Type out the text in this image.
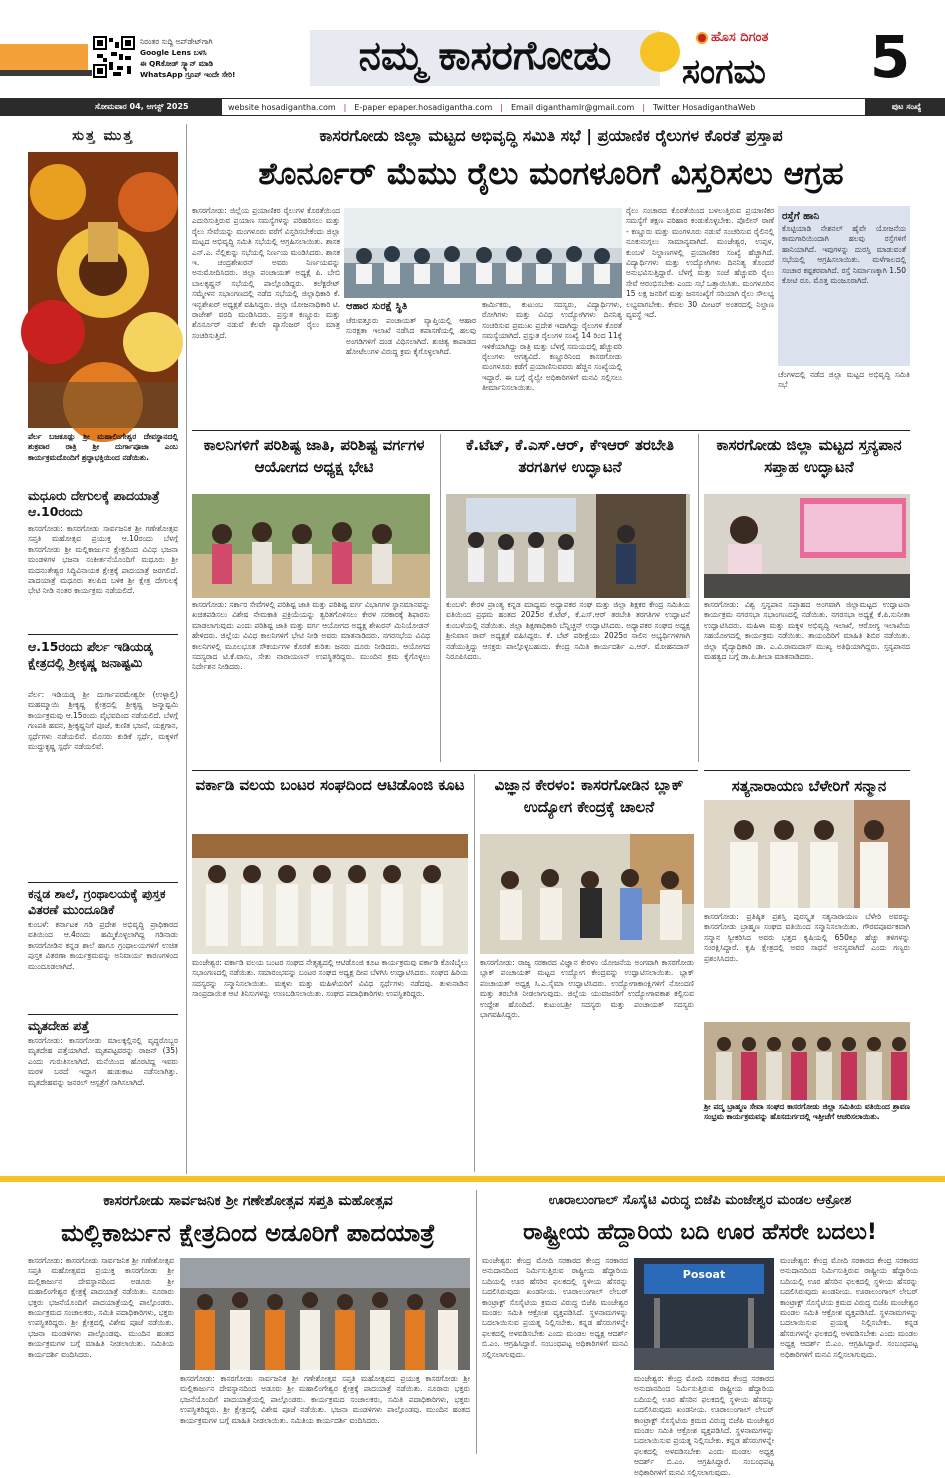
ನಿರಂತರ ಸುದ್ದಿ ಅಪ್‌ಡೇಟ್‌ಗಾಗಿ
Google Lens ಬಳಸಿ
ಈ QRಕೋಡ್ ಸ್ಕ್ಯಾನ್ ಮಾಡಿ
WhatsApp ಗ್ರೂಪ್ ಇಂದೇ ಸೇರಿ!	ನಮ್ಮ ಕಾಸರಗೋಡು	ಹೊಸ ದಿಗಂತ
ಸಂಗಮ	5
ಸೋಮವಾರ 04, ಆಗಸ್ಟ್ 2025	website hosadigantha.com | E-paper epaper.hosadigantha.com | Email diganthamlr@gmail.com | Twitter HosadiganthaWeb	ಪುಟ ಸಂಖ್ಯೆ
ಸುತ್ತ ಮುತ್ತ
ಪೆರ್ಲ ಬಜಕೂಡ್ಲು ಶ್ರೀ ಮಹಾಲಿಂಗೇಶ್ವರ ದೇವಸ್ಥಾನದಲ್ಲಿ ಶುಕ್ರವಾರ ರಾತ್ರಿ ಶ್ರೀ ದುರ್ಗಾಪೂಜಾ ಎಂಬ ಕಾರ್ಯಕ್ರಮದೊಂದಿಗೆ ಶ್ರದ್ಧಾಭಕ್ತಿಯಿಂದ ನಡೆಯಿತು.
ಮಧೂರು ದೇಗುಲಕ್ಕೆ ಪಾದಯಾತ್ರೆ ಆ.10ರಂದು
ಕಾಸರಗೋಡು: ಕಾಸರಗೋಡು ಸಾರ್ವಜನಿಕ ಶ್ರೀ ಗಣೇಶೋತ್ಸವ ಸಪ್ತತಿ ಮಹೋತ್ಸವ ಪ್ರಯುಕ್ತ ಆ.10ರಂದು ಬೆಳಗ್ಗೆ ಕಾಸರಗೋಡು ಶ್ರೀ ಮಲ್ಲಿಕಾರ್ಜುನ ಕ್ಷೇತ್ರದಿಂದ ವಿವಿಧ ಭಜನಾ ಮಂಡಳಿಗಳ ಭಜನಾ ಸಂಕೀರ್ತನೆಯೊಂದಿಗೆ ಮಧೂರು ಶ್ರೀ ಮದನಂತೇಶ್ವರ ಸಿದ್ಧಿವಿನಾಯಕ ಕ್ಷೇತ್ರಕ್ಕೆ ಪಾದಯಾತ್ರೆ ಜರಗಲಿದೆ. ಪಾದಯಾತ್ರೆ ಮಧೂರು ತಲಪಿದ ಬಳಿಕ ಶ್ರೀ ಕ್ಷೇತ್ರ ದೇಗುಲಕ್ಕೆ ಭೇಟಿ ನೀಡಿ ನಂತರ ಕಾರ್ಯಕ್ರಮ ನಡೆಯಲಿದೆ.
ಆ.15ರಂದು ಪೆರ್ಲ ಇಡಿಯಡ್ಕ ಕ್ಷೇತ್ರದಲ್ಲಿ ಶ್ರೀಕೃಷ್ಣ ಜನಾಷ್ಟಮಿ
ಪೆರ್ಲ: ಇಡಿಯಡ್ಕ ಶ್ರೀ ದುರ್ಗಾಪರಮೇಶ್ವರೀ (ಉಳ್ಳಾಲ್ತಿ) ಮಹಮ್ಮಾಯಿ ಶ್ರೀಕೃಷ್ಣ ಕ್ಷೇತ್ರದಲ್ಲಿ ಶ್ರೀಕೃಷ್ಣ ಜನ್ಮಾಷ್ಟಮಿ ಕಾರ್ಯಕ್ರಮವು ಆ.15ರಂದು ವೈಭವದಿಂದ ನಡೆಯಲಿದೆ. ಬೆಳಗ್ಗೆ ಗಣಪತಿ ಹವನ, ಶ್ರೀಕೃಷ್ಣನಿಗೆ ಪೂಜೆ, ಕುಣಿತ ಭಜನೆ, ಯಕ್ಷಗಾನ, ಸ್ಪರ್ಧೆಗಳು ನಡೆಯಲಿವೆ. ಮೊಸರು ಕುಡಿಕೆ ಸ್ಪರ್ಧೆ, ಮಕ್ಕಳಿಗೆ ಮುದ್ದುಕೃಷ್ಣ ಸ್ಪರ್ಧೆ ನಡೆಯಲಿವೆ.
ಕನ್ನಡ ಶಾಲೆ, ಗ್ರಂಥಾಲಯಕ್ಕೆ ಪುಸ್ತಕ ವಿತರಣೆ ಮುಂದೂಡಿಕೆ
ಕುಂಬಳೆ: ಕರ್ನಾಟಕ ಗಡಿ ಪ್ರದೇಶ ಅಭಿವೃದ್ಧಿ ಪ್ರಾಧಿಕಾರದ ವತಿಯಿಂದ ಆ.4ರಂದು ಹಮ್ಮಿಕೊಳ್ಳಲಾಗಿದ್ದ ಗಡಿನಾಡು ಕಾಸರಗೋಡಿನ ಕನ್ನಡ ಶಾಲೆ ಹಾಗೂ ಗ್ರಂಥಾಲಯಗಳಿಗೆ ಉಚಿತ ಪುಸ್ತಕ ವಿತರಣಾ ಕಾರ್ಯಕ್ರಮವನ್ನು ಅನಿವಾರ್ಯ ಕಾರಣಗಳಿಂದ ಮುಂದೂಡಲಾಗಿದೆ.
ಮೃತದೇಹ ಪತ್ತೆ
ಕಾಸರಗೋಡು: ಕಾಸರಗೋಡು ಮಾಲಕ್ಕಲ್ಲಿನಲ್ಲಿ ವೃದ್ಧರೊಬ್ಬರ ಮೃತದೇಹ ಪತ್ತೆಯಾಗಿದೆ. ಮೃತಪಟ್ಟವರನ್ನು ರಾಜನ್ (35) ಎಂದು ಗುರುತಿಸಲಾಗಿದೆ. ಮನೆಯಿಂದ ಹೊರಟಿದ್ದ ಇವರು ಮರಳಿ ಬರದೆ ಇದ್ದಾಗ ಹುಡುಕಾಟ ನಡೆಸಲಾಗಿತ್ತು. ಮೃತದೇಹವನ್ನು ಜನರಲ್ ಆಸ್ಪತ್ರೆಗೆ ಸಾಗಿಸಲಾಗಿದೆ.
ಕಾಸರಗೋಡು ಜಿಲ್ಲಾ ಮಟ್ಟದ ಅಭಿವೃದ್ಧಿ ಸಮಿತಿ ಸಭೆ | ಪ್ರಯಾಣಿಕ ರೈಲುಗಳ ಕೊರತೆ ಪ್ರಸ್ತಾಪ
ಶೊರ್ನೂರ್ ಮೆಮು ರೈಲು ಮಂಗಳೂರಿಗೆ ವಿಸ್ತರಿಸಲು ಆಗ್ರಹ
ಕಾಸರಗೋಡು: ಜಿಲ್ಲೆಯ ಪ್ರಯಾಣಿಕರ ರೈಲುಗಳ ಕೊರತೆಯಿಂದ ಎದುರಿಸುತ್ತಿರುವ ಪ್ರಯಾಣ ಸಮಸ್ಯೆಗಳನ್ನು ಪರಿಹರಿಸಲು ಮತ್ತು ರೈಲು ಸೇವೆಯನ್ನು ಮಂಗಳೂರು ವರೆಗೆ ವಿಸ್ತರಿಸಬೇಕೆಂದು ಜಿಲ್ಲಾ ಮಟ್ಟದ ಅಭಿವೃದ್ಧಿ ಸಮಿತಿ ಸಭೆಯಲ್ಲಿ ಆಗ್ರಹಿಸಲಾಯಿತು. ಶಾಸಕ ಎನ್.ಎ. ನೆಲ್ಲಿಕುನ್ನು ಸಭೆಯಲ್ಲಿ ನಿರ್ಣಯ ಮಂಡಿಸಿದರು. ಶಾಸಕ ಇ. ಚಂದ್ರಶೇಖರನ್ ಅವರು ನಿರ್ಣಯವನ್ನು ಅನುಮೋದಿಸಿದರು. ಜಿಲ್ಲಾ ಪಂಚಾಯತ್ ಅಧ್ಯಕ್ಷೆ ಪಿ. ಬೇಬಿ ಬಾಲಕೃಷ್ಣನ್ ಸಭೆಯಲ್ಲಿ ಪಾಲ್ಗೊಂಡಿದ್ದರು. ಕಲೆಕ್ಟರೇಟ್ ಸಮ್ಮೇಳನ ಸಭಾಂಗಣದಲ್ಲಿ ನಡೆದ ಸಭೆಯಲ್ಲಿ ಜಿಲ್ಲಾಧಿಕಾರಿ ಕೆ. ಇನ್ಬಶೇಖರ್ ಅಧ್ಯಕ್ಷತೆ ವಹಿಸಿದ್ದರು. ಜಿಲ್ಲಾ ಯೋಜನಾಧಿಕಾರಿ ಟಿ. ರಾಜೇಶ್ ವರದಿ ಮಂಡಿಸಿದರು. ಪ್ರಸ್ತುತ ಕಣ್ಣೂರು ಮತ್ತು ಶೊರ್ನೂರ್ ನಡುವೆ ಕೆಲವೇ ಪ್ಯಾಸೆಂಜರ್ ರೈಲು ಮಾತ್ರ ಸಂಚರಿಸುತ್ತಿದೆ.
ಆಹಾರ ಸುರಕ್ಷೆ ಸ್ಥಿತಿ
ಚೆರುವತ್ತೂರು ಪಂಚಾಯತ್ ವ್ಯಾಪ್ತಿಯಲ್ಲಿ ಆಹಾರ ಸುರಕ್ಷತಾ ಇಲಾಖೆ ನಡೆಸಿದ ತಪಾಸಣೆಯಲ್ಲಿ ಹಲವು ಅಂಗಡಿಗಳಿಗೆ ದಂಡ ವಿಧಿಸಲಾಗಿದೆ. ಶುಚಿತ್ವ ಕಾಪಾಡದ ಹೋಟೆಲುಗಳ ವಿರುದ್ಧ ಕ್ರಮ ಕೈಗೊಳ್ಳಲಾಗಿದೆ.
ಕಾರ್ಮಿಕರು, ಕುಟುಂಬ ಸದಸ್ಯರು, ವಿದ್ಯಾರ್ಥಿಗಳು, ರೋಗಿಗಳು ಮತ್ತು ವಿವಿಧ ಉದ್ಯೋಗಿಗಳು ದಿನನಿತ್ಯ ಸಂಚರಿಸುವ ಪ್ರಮುಖ ಪ್ರದೇಶ ಇದಾಗಿದ್ದು ರೈಲುಗಳ ಕೊರತೆ ಸಮಸ್ಯೆಯಾಗಿದೆ. ಪ್ರಸ್ತುತ ರೈಲುಗಳ ಸಂಖ್ಯೆ 14 ರಿಂದ 11ಕ್ಕೆ ಇಳಿಕೆಯಾಗಿದ್ದು ರಾತ್ರಿ ಮತ್ತು ಬೆಳಗ್ಗೆ ಸಮಯದಲ್ಲಿ ಹೆಚ್ಚುವರಿ ರೈಲುಗಳು ಅಗತ್ಯವಿದೆ. ಕಣ್ಣೂರಿನಿಂದ ಕಾಸರಗೋಡು ಮಂಗಳೂರು ಕಡೆಗೆ ಪ್ರಯಾಣಿಸುವವರು ಹೆಚ್ಚಿನ ಸಂಖ್ಯೆಯಲ್ಲಿ ಇದ್ದಾರೆ. ಈ ಬಗ್ಗೆ ರೈಲ್ವೇ ಅಧಿಕಾರಿಗಳಿಗೆ ಮನವಿ ಸಲ್ಲಿಸಲು ತೀರ್ಮಾನಿಸಲಾಯಿತು.
ರೈಲು ಸಂಚಾರದ ಕೊರತೆಯಿಂದ ಬಳಲುತ್ತಿರುವ ಪ್ರಯಾಣಿಕರ ಸಮಸ್ಯೆಗೆ ತಕ್ಷಣ ಪರಿಹಾರ ಕಂಡುಕೊಳ್ಳಬೇಕು. ಪೊಲೀಸ್ ಠಾಣೆ - ಕಣ್ಣೂರು ಮತ್ತು ಮಂಗಳೂರು ನಡುವೆ ಸಂಚರಿಸುವ ರೈಲಿನಲ್ಲಿ ನೂಕುನುಗ್ಗಲು ಸಾಮಾನ್ಯವಾಗಿದೆ. ಮಂಜೇಶ್ವರ, ಉಪ್ಪಳ, ಕುಂಬಳೆ ನಿಲ್ದಾಣಗಳಲ್ಲಿ ಪ್ರಯಾಣಿಕರ ಸಂಖ್ಯೆ ಹೆಚ್ಚಾಗಿದೆ. ವಿದ್ಯಾರ್ಥಿಗಳು ಮತ್ತು ಉದ್ಯೋಗಿಗಳು ದಿನನಿತ್ಯ ತೊಂದರೆ ಅನುಭವಿಸುತ್ತಿದ್ದಾರೆ. ಬೆಳಗ್ಗೆ ಮತ್ತು ಸಂಜೆ ಹೆಚ್ಚುವರಿ ರೈಲು ಸೇವೆ ಆರಂಭಿಸಬೇಕು ಎಂದು ಸಭೆ ಒತ್ತಾಯಿಸಿತು. ಮಂಗಳೂರಿನ 15 ಲಕ್ಷ ಜನರಿಗೆ ಮತ್ತು ಜನಸಂಖ್ಯೆಗೆ ಸರಿಯಾಗಿ ರೈಲು ಸೌಲಭ್ಯ ಲಭ್ಯವಾಗಬೇಕು. ಕೇವಲ 30 ಮೀಟರ್ ಅಂತರದಲ್ಲಿ ನಿಲ್ದಾಣ ವ್ಯವಸ್ಥೆ ಇದೆ.
ರಸ್ತೆಗೆ ಹಾನಿ
ಕೊಟ್ಟಿಯಾಡಿ ನೇಶನಲ್ ಹೈವೇ ಯೋಜನೆಯ ಕಾಮಗಾರಿಯಿಂದಾಗಿ ಹಲವು ರಸ್ತೆಗಳಿಗೆ ಹಾನಿಯಾಗಿದೆ. ಇವುಗಳನ್ನು ದುರಸ್ತಿ ಮಾಡುವಂತೆ ಸಭೆಯಲ್ಲಿ ಆಗ್ರಹಿಸಲಾಯಿತು. ಮಳೆಗಾಲದಲ್ಲಿ ಸಂಚಾರ ಕಷ್ಟಕರವಾಗಿದೆ. ರಸ್ತೆ ನಿರ್ಮಾಣಕ್ಕಾಗಿ 1.50 ಕೋಟಿ ರೂ. ಮೊತ್ತ ಮಂಜೂರಾಗಿದೆ.
ಚೆಂಗಳದಲ್ಲಿ ನಡೆದ ಜಿಲ್ಲಾ ಮಟ್ಟದ ಅಭಿವೃದ್ಧಿ ಸಮಿತಿ ಸಭೆ
ಕಾಲನಿಗಳಿಗೆ ಪರಿಶಿಷ್ಟ ಜಾತಿ, ಪರಿಶಿಷ್ಟ ವರ್ಗಗಳ ಆಯೋಗದ ಅಧ್ಯಕ್ಷ ಭೇಟಿ
ಕಾಸರಗೋಡು: ಸರ್ಕಾರ ಸೇವೆಗಳಲ್ಲಿ ಪರಿಶಿಷ್ಟ ಜಾತಿ ಮತ್ತು ಪರಿಶಿಷ್ಟ ವರ್ಗ ವಿಭಾಗಗಳ ಸ್ಥಾನಮಾನವನ್ನು ಖಚಿತಪಡಿಸಲು ವಿಶೇಷ ನೇಮಕಾತಿ ಪ್ರಕ್ರಿಯೆಯನ್ನು ತ್ವರಿತಗೊಳಿಸಲು ಕೇರಳ ಸರಕಾರಕ್ಕೆ ಶಿಫಾರಸು ಮಾಡಲಾಗುವುದು ಎಂದು ಪರಿಶಿಷ್ಟ ಜಾತಿ ಮತ್ತು ವರ್ಗ ಆಯೋಗದ ಅಧ್ಯಕ್ಷ ಶೇಖರನ್ ಮಿನಿಯೋಡನ್ ಹೇಳಿದರು. ಜಿಲ್ಲೆಯ ವಿವಿಧ ಕಾಲನಿಗಳಿಗೆ ಭೇಟಿ ನೀಡಿ ಅವರು ಮಾತನಾಡಿದರು. ನಗರಸಭೆಯ ವಿವಿಧ ಕಾಲನಿಗಳಲ್ಲಿ ಮೂಲಭೂತ ಸೌಕರ್ಯಗಳ ಕೊರತೆ ಕುರಿತು ಜನರು ದೂರು ನೀಡಿದರು. ಆಯೋಗದ ಸದಸ್ಯರಾದ ಟಿ.ಕೆ.ವಾಸು, ಸೇತು ನಾರಾಯಣನ್ ಉಪಸ್ಥಿತರಿದ್ದರು. ಮುಂದಿನ ಕ್ರಮ ಕೈಗೊಳ್ಳಲು ನಿರ್ದೇಶನ ನೀಡಿದರು.
ಕೆ.ಟೆಟ್, ಕೆ.ಎಸ್.ಆರ್, ಕೆಇಆರ್ ತರಬೇತಿ ತರಗತಿಗಳ ಉದ್ಘಾಟನೆ
ಕುಂಬಳೆ: ಕೇರಳ ಪ್ರಾಂತ್ಯ ಕನ್ನಡ ಮಾಧ್ಯಮ ಅಧ್ಯಾಪಕರ ಸಂಘ ಮತ್ತು ಜಿಲ್ಲಾ ಶಿಕ್ಷಕರ ಕೇಂದ್ರ ಸಮಿತಿಯ ವತಿಯಿಂದ ಪ್ರಥಮ ಹಂತದ 2025ರ ಕೆ.ಟೆಟ್, ಕೆ.ಎಸ್.ಆರ್ ತರಬೇತಿ ತರಗತಿಗಳ ಉದ್ಘಾಟನೆ ಕುಂಬಳೆಯಲ್ಲಿ ನಡೆಯಿತು. ಜಿಲ್ಲಾ ಶಿಕ್ಷಣಾಧಿಕಾರಿ ಬೆನ್ನಿಚ್ಚನ್ ಉದ್ಘಾಟಿಸಿದರು. ಅಧ್ಯಾಪಕರ ಸಂಘದ ಅಧ್ಯಕ್ಷ ಶ್ರೀನಿವಾಸ ರಾವ್ ಅಧ್ಯಕ್ಷತೆ ವಹಿಸಿದ್ದರು. ಕೆ. ಬೆಟ್ ಪರೀಕ್ಷೆಯು 2025ರ ಸಾಲಿನ ಅಭ್ಯರ್ಥಿಗಳಿಗಾಗಿ ನಡೆಯುತ್ತಿದ್ದು ಆಸಕ್ತರು ಪಾಲ್ಗೊಳ್ಳಬಹುದು. ಕೇಂದ್ರ ಸಮಿತಿ ಕಾರ್ಯದರ್ಶಿ ಎ.ಆರ್. ಮೋಹನದಾಸ್ ನಿರೂಪಿಸಿದರು.
ಕಾಸರಗೋಡು ಜಿಲ್ಲಾ ಮಟ್ಟದ ಸ್ತನ್ಯಪಾನ ಸಪ್ತಾಹ ಉದ್ಘಾಟನೆ
ಕಾಸರಗೋಡು: ವಿಶ್ವ ಸ್ತನ್ಯಪಾನ ಸಪ್ತಾಹದ ಅಂಗವಾಗಿ ಜಿಲ್ಲಾಮಟ್ಟದ ಉದ್ಘಾಟನಾ ಕಾರ್ಯಕ್ರಮ ನಗರಸಭಾ ಸಭಾಂಗಣದಲ್ಲಿ ನಡೆಯಿತು. ನಗರಸಭಾ ಅಧ್ಯಕ್ಷೆ ಕೆ.ಪಿ.ಸುನೀತಾ ಉದ್ಘಾಟಿಸಿದರು. ಮಹಿಳಾ ಮತ್ತು ಮಕ್ಕಳ ಅಭಿವೃದ್ಧಿ ಇಲಾಖೆ, ಆರೋಗ್ಯ ಇಲಾಖೆಯ ಸಹಯೋಗದಲ್ಲಿ ಕಾರ್ಯಕ್ರಮ ನಡೆಯಿತು. ತಾಯಂದಿರಿಗೆ ಮಾಹಿತಿ ಶಿಬಿರ ನಡೆಯಿತು. ಜಿಲ್ಲಾ ವೈದ್ಯಾಧಿಕಾರಿ ಡಾ. ಎ.ವಿ.ರಾಮದಾಸ್ ಮುಖ್ಯ ಅತಿಥಿಯಾಗಿದ್ದರು. ಸ್ತನ್ಯಪಾನದ ಮಹತ್ವದ ಬಗ್ಗೆ ಡಾ.ಪಿ.ಶೀಬಾ ಮಾತನಾಡಿದರು.
ವರ್ಕಾಡಿ ವಲಯ ಬಂಟರ ಸಂಘದಿಂದ ಆಟಿಡೊಂಜಿ ಕೂಟ
ಮಂಜೇಶ್ವರ: ವರ್ಕಾಡಿ ವಲಯ ಬಂಟರ ಸಂಘದ ನೇತೃತ್ವದಲ್ಲಿ ಆಟಿಡೊಂಜಿ ಕೂಟ ಕಾರ್ಯಕ್ರಮವು ವರ್ಕಾಡಿ ಕೊಣಿಬೈಲು ಸಭಾಂಗಣದಲ್ಲಿ ನಡೆಯಿತು. ಸಮಾರಂಭವನ್ನು ಬಂಟರ ಸಂಘದ ಅಧ್ಯಕ್ಷ ದೀಪ ಬೆಳಗಿಸಿ ಉದ್ಘಾಟಿಸಿದರು. ಸಂಘದ ಹಿರಿಯ ಸದಸ್ಯರನ್ನು ಸನ್ಮಾನಿಸಲಾಯಿತು. ಮಕ್ಕಳು ಮತ್ತು ಮಹಿಳೆಯರಿಗೆ ವಿವಿಧ ಸ್ಪರ್ಧೆಗಳು ನಡೆದವು. ತುಳುನಾಡಿನ ಸಾಂಪ್ರದಾಯಿಕ ಆಟಿ ತಿನಿಸುಗಳನ್ನು ಉಣಬಡಿಸಲಾಯಿತು. ಸಂಘದ ಪದಾಧಿಕಾರಿಗಳು ಉಪಸ್ಥಿತರಿದ್ದರು.
ವಿಜ್ಞಾನ ಕೇರಳಂ: ಕಾಸರಗೋಡಿನ ಬ್ಲಾಕ್ ಉದ್ಯೋಗ ಕೇಂದ್ರಕ್ಕೆ ಚಾಲನೆ
ಕಾಸರಗೋಡು: ರಾಜ್ಯ ಸರಕಾರದ ವಿಜ್ಞಾನ ಕೇರಳಂ ಯೋಜನೆಯ ಅಂಗವಾಗಿ ಕಾಸರಗೋಡು ಬ್ಲಾಕ್ ಪಂಚಾಯತ್ ಮಟ್ಟದ ಉದ್ಯೋಗ ಕೇಂದ್ರವನ್ನು ಉದ್ಘಾಟಿಸಲಾಯಿತು. ಬ್ಲಾಕ್ ಪಂಚಾಯತ್ ಅಧ್ಯಕ್ಷ ಸಿ.ಎ.ಸೈಮಾ ಉದ್ಘಾಟಿಸಿದರು. ಉದ್ಯೋಗಾಕಾಂಕ್ಷಿಗಳಿಗೆ ನೋಂದಣಿ ಮತ್ತು ತರಬೇತಿ ನೀಡಲಾಗುವುದು. ಜಿಲ್ಲೆಯ ಯುವಜನರಿಗೆ ಉದ್ಯೋಗಾವಕಾಶ ಕಲ್ಪಿಸುವ ಉದ್ದೇಶ ಹೊಂದಿದೆ. ಕುಟುಂಬಶ್ರೀ ಸದಸ್ಯರು ಮತ್ತು ಪಂಚಾಯತ್ ಸದಸ್ಯರು ಭಾಗವಹಿಸಿದ್ದರು.
ಸತ್ಯನಾರಾಯಣ ಬೆಳೇರಿಗೆ ಸನ್ಮಾನ
ಕಾಸರಗೋಡು: ಪ್ರತಿಷ್ಠಿತ ಪ್ರಶಸ್ತಿ ಪುರಸ್ಕೃತ ಸತ್ಯನಾರಾಯಣ ಬೆಳೇರಿ ಅವರನ್ನು ಕಾಸರಗೋಡು ಬ್ರಾಹ್ಮಣ ಸಂಘದ ವತಿಯಿಂದ ಸನ್ಮಾನಿಸಲಾಯಿತು. ಗೌರವಪೂರ್ವಕವಾಗಿ ಸನ್ಮಾನ ಸ್ವೀಕರಿಸಿದ ಅವರು ಭತ್ತದ ಕೃಷಿಯಲ್ಲಿ 650ಕ್ಕೂ ಹೆಚ್ಚು ತಳಿಗಳನ್ನು ಸಂರಕ್ಷಿಸಿದ್ದಾರೆ. ಕೃಷಿ ಕ್ಷೇತ್ರದಲ್ಲಿ ಅವರ ಸಾಧನೆ ಅನನ್ಯವಾಗಿದೆ ಎಂದು ಗಣ್ಯರು ಪ್ರಶಂಸಿಸಿದರು.
ಶ್ರೀ ಪದ್ಮ ಬ್ರಾಹ್ಮಣ ಸೇವಾ ಸಂಘದ ಕಾಸರಗೋಡು ಜಿಲ್ಲಾ ಸಮಿತಿಯ ವತಿಯಿಂದ ಶ್ರಾವಣ ಸಂಭ್ರಮ ಕಾರ್ಯಕ್ರಮವನ್ನು ಹೊಸದುರ್ಗದಲ್ಲಿ ಇತ್ತೀಚೆಗೆ ಆಚರಿಸಲಾಯಿತು.
ಕಾಸರಗೋಡು ಸಾರ್ವಜನಿಕ ಶ್ರೀ ಗಣೇಶೋತ್ಸವ ಸಪ್ತತಿ ಮಹೋತ್ಸವ
ಮಲ್ಲಿಕಾರ್ಜುನ ಕ್ಷೇತ್ರದಿಂದ ಅಡೂರಿಗೆ ಪಾದಯಾತ್ರೆ
ಕಾಸರಗೋಡು: ಕಾಸರಗೋಡು ಸಾರ್ವಜನಿಕ ಶ್ರೀ ಗಣೇಶೋತ್ಸವ ಸಪ್ತತಿ ಮಹೋತ್ಸವದ ಪ್ರಯುಕ್ತ ಕಾಸರಗೋಡು ಶ್ರೀ ಮಲ್ಲಿಕಾರ್ಜುನ ದೇವಸ್ಥಾನದಿಂದ ಅಡೂರು ಶ್ರೀ ಮಹಾಲಿಂಗೇಶ್ವರ ಕ್ಷೇತ್ರಕ್ಕೆ ಪಾದಯಾತ್ರೆ ನಡೆಯಿತು. ನೂರಾರು ಭಕ್ತರು ಭಜನೆಯೊಂದಿಗೆ ಪಾದಯಾತ್ರೆಯಲ್ಲಿ ಪಾಲ್ಗೊಂಡರು. ಕಾರ್ಯಕ್ರಮದ ಸಂಚಾಲಕರು, ಸಮಿತಿ ಪದಾಧಿಕಾರಿಗಳು, ಭಕ್ತರು ಉಪಸ್ಥಿತರಿದ್ದರು. ಶ್ರೀ ಕ್ಷೇತ್ರದಲ್ಲಿ ವಿಶೇಷ ಪೂಜೆ ನಡೆಯಿತು. ಭಜನಾ ಮಂಡಳಿಗಳು ಪಾಲ್ಗೊಂಡವು. ಮುಂದಿನ ಹಂತದ ಕಾರ್ಯಕ್ರಮಗಳ ಬಗ್ಗೆ ಮಾಹಿತಿ ನೀಡಲಾಯಿತು. ಸಮಿತಿಯ ಕಾರ್ಯದರ್ಶಿ ವಂದಿಸಿದರು.
ಕಾಸರಗೋಡು: ಕಾಸರಗೋಡು ಸಾರ್ವಜನಿಕ ಶ್ರೀ ಗಣೇಶೋತ್ಸವ ಸಪ್ತತಿ ಮಹೋತ್ಸವದ ಪ್ರಯುಕ್ತ ಕಾಸರಗೋಡು ಶ್ರೀ ಮಲ್ಲಿಕಾರ್ಜುನ ದೇವಸ್ಥಾನದಿಂದ ಅಡೂರು ಶ್ರೀ ಮಹಾಲಿಂಗೇಶ್ವರ ಕ್ಷೇತ್ರಕ್ಕೆ ಪಾದಯಾತ್ರೆ ನಡೆಯಿತು. ನೂರಾರು ಭಕ್ತರು ಭಜನೆಯೊಂದಿಗೆ ಪಾದಯಾತ್ರೆಯಲ್ಲಿ ಪಾಲ್ಗೊಂಡರು. ಕಾರ್ಯಕ್ರಮದ ಸಂಚಾಲಕರು, ಸಮಿತಿ ಪದಾಧಿಕಾರಿಗಳು, ಭಕ್ತರು ಉಪಸ್ಥಿತರಿದ್ದರು. ಶ್ರೀ ಕ್ಷೇತ್ರದಲ್ಲಿ ವಿಶೇಷ ಪೂಜೆ ನಡೆಯಿತು. ಭಜನಾ ಮಂಡಳಿಗಳು ಪಾಲ್ಗೊಂಡವು. ಮುಂದಿನ ಹಂತದ ಕಾರ್ಯಕ್ರಮಗಳ ಬಗ್ಗೆ ಮಾಹಿತಿ ನೀಡಲಾಯಿತು. ಸಮಿತಿಯ ಕಾರ್ಯದರ್ಶಿ ವಂದಿಸಿದರು.
ಊರಾಲುಂಗಾಲ್ ಸೊಸೈಟಿ ವಿರುದ್ಧ ಬಿಜೆಪಿ ಮಂಜೇಶ್ವರ ಮಂಡಲ ಆಕ್ರೋಶ
ರಾಷ್ಟ್ರೀಯ ಹೆದ್ದಾರಿಯ ಬದಿ ಊರ ಹೆಸರೇ ಬದಲು!
ಮಂಜೇಶ್ವರ: ಕೇಂದ್ರ ಮೋದಿ ಸರಕಾರದ ಕೇಂದ್ರ ಸರಕಾರದ ಅನುದಾನದಿಂದ ನಿರ್ಮಿಸುತ್ತಿರುವ ರಾಷ್ಟ್ರೀಯ ಹೆದ್ದಾರಿಯ ಬದಿಯಲ್ಲಿ ಊರ ಹೆಸರಿನ ಫಲಕದಲ್ಲಿ ಸ್ಥಳೀಯ ಹೆಸರನ್ನು ಬದಲಿಸಿರುವುದು ಖಂಡನೀಯ. ಊರಾಲುಂಗಾಲ್ ಲೇಬರ್ ಕಾಂಟ್ರಾಕ್ಟ್ ಸೊಸೈಟಿಯ ಕ್ರಮದ ವಿರುದ್ಧ ಬಿಜೆಪಿ ಮಂಜೇಶ್ವರ ಮಂಡಲ ಸಮಿತಿ ಆಕ್ರೋಶ ವ್ಯಕ್ತಪಡಿಸಿದೆ. ಸ್ಥಳನಾಮಗಳನ್ನು ಬದಲಾಯಿಸುವ ಪ್ರಯತ್ನ ನಿಲ್ಲಿಸಬೇಕು. ಕನ್ನಡ ಹೆಸರುಗಳನ್ನೇ ಫಲಕದಲ್ಲಿ ಅಳವಡಿಸಬೇಕು ಎಂದು ಮಂಡಲ ಅಧ್ಯಕ್ಷ ಆದರ್ಶ್ ಬಿ.ಎಂ. ಆಗ್ರಹಿಸಿದ್ದಾರೆ. ಸಂಬಂಧಪಟ್ಟ ಅಧಿಕಾರಿಗಳಿಗೆ ಮನವಿ ಸಲ್ಲಿಸಲಾಗುವುದು.
Posoat
ಮಂಜೇಶ್ವರ: ಕೇಂದ್ರ ಮೋದಿ ಸರಕಾರದ ಕೇಂದ್ರ ಸರಕಾರದ ಅನುದಾನದಿಂದ ನಿರ್ಮಿಸುತ್ತಿರುವ ರಾಷ್ಟ್ರೀಯ ಹೆದ್ದಾರಿಯ ಬದಿಯಲ್ಲಿ ಊರ ಹೆಸರಿನ ಫಲಕದಲ್ಲಿ ಸ್ಥಳೀಯ ಹೆಸರನ್ನು ಬದಲಿಸಿರುವುದು ಖಂಡನೀಯ. ಊರಾಲುಂಗಾಲ್ ಲೇಬರ್ ಕಾಂಟ್ರಾಕ್ಟ್ ಸೊಸೈಟಿಯ ಕ್ರಮದ ವಿರುದ್ಧ ಬಿಜೆಪಿ ಮಂಜೇಶ್ವರ ಮಂಡಲ ಸಮಿತಿ ಆಕ್ರೋಶ ವ್ಯಕ್ತಪಡಿಸಿದೆ. ಸ್ಥಳನಾಮಗಳನ್ನು ಬದಲಾಯಿಸುವ ಪ್ರಯತ್ನ ನಿಲ್ಲಿಸಬೇಕು. ಕನ್ನಡ ಹೆಸರುಗಳನ್ನೇ ಫಲಕದಲ್ಲಿ ಅಳವಡಿಸಬೇಕು ಎಂದು ಮಂಡಲ ಅಧ್ಯಕ್ಷ ಆದರ್ಶ್ ಬಿ.ಎಂ. ಆಗ್ರಹಿಸಿದ್ದಾರೆ. ಸಂಬಂಧಪಟ್ಟ ಅಧಿಕಾರಿಗಳಿಗೆ ಮನವಿ ಸಲ್ಲಿಸಲಾಗುವುದು.
ಮಂಜೇಶ್ವರ: ಕೇಂದ್ರ ಮೋದಿ ಸರಕಾರದ ಕೇಂದ್ರ ಸರಕಾರದ ಅನುದಾನದಿಂದ ನಿರ್ಮಿಸುತ್ತಿರುವ ರಾಷ್ಟ್ರೀಯ ಹೆದ್ದಾರಿಯ ಬದಿಯಲ್ಲಿ ಊರ ಹೆಸರಿನ ಫಲಕದಲ್ಲಿ ಸ್ಥಳೀಯ ಹೆಸರನ್ನು ಬದಲಿಸಿರುವುದು ಖಂಡನೀಯ. ಊರಾಲುಂಗಾಲ್ ಲೇಬರ್ ಕಾಂಟ್ರಾಕ್ಟ್ ಸೊಸೈಟಿಯ ಕ್ರಮದ ವಿರುದ್ಧ ಬಿಜೆಪಿ ಮಂಜೇಶ್ವರ ಮಂಡಲ ಸಮಿತಿ ಆಕ್ರೋಶ ವ್ಯಕ್ತಪಡಿಸಿದೆ. ಸ್ಥಳನಾಮಗಳನ್ನು ಬದಲಾಯಿಸುವ ಪ್ರಯತ್ನ ನಿಲ್ಲಿಸಬೇಕು. ಕನ್ನಡ ಹೆಸರುಗಳನ್ನೇ ಫಲಕದಲ್ಲಿ ಅಳವಡಿಸಬೇಕು ಎಂದು ಮಂಡಲ ಅಧ್ಯಕ್ಷ ಆದರ್ಶ್ ಬಿ.ಎಂ. ಆಗ್ರಹಿಸಿದ್ದಾರೆ. ಸಂಬಂಧಪಟ್ಟ ಅಧಿಕಾರಿಗಳಿಗೆ ಮನವಿ ಸಲ್ಲಿಸಲಾಗುವುದು.
